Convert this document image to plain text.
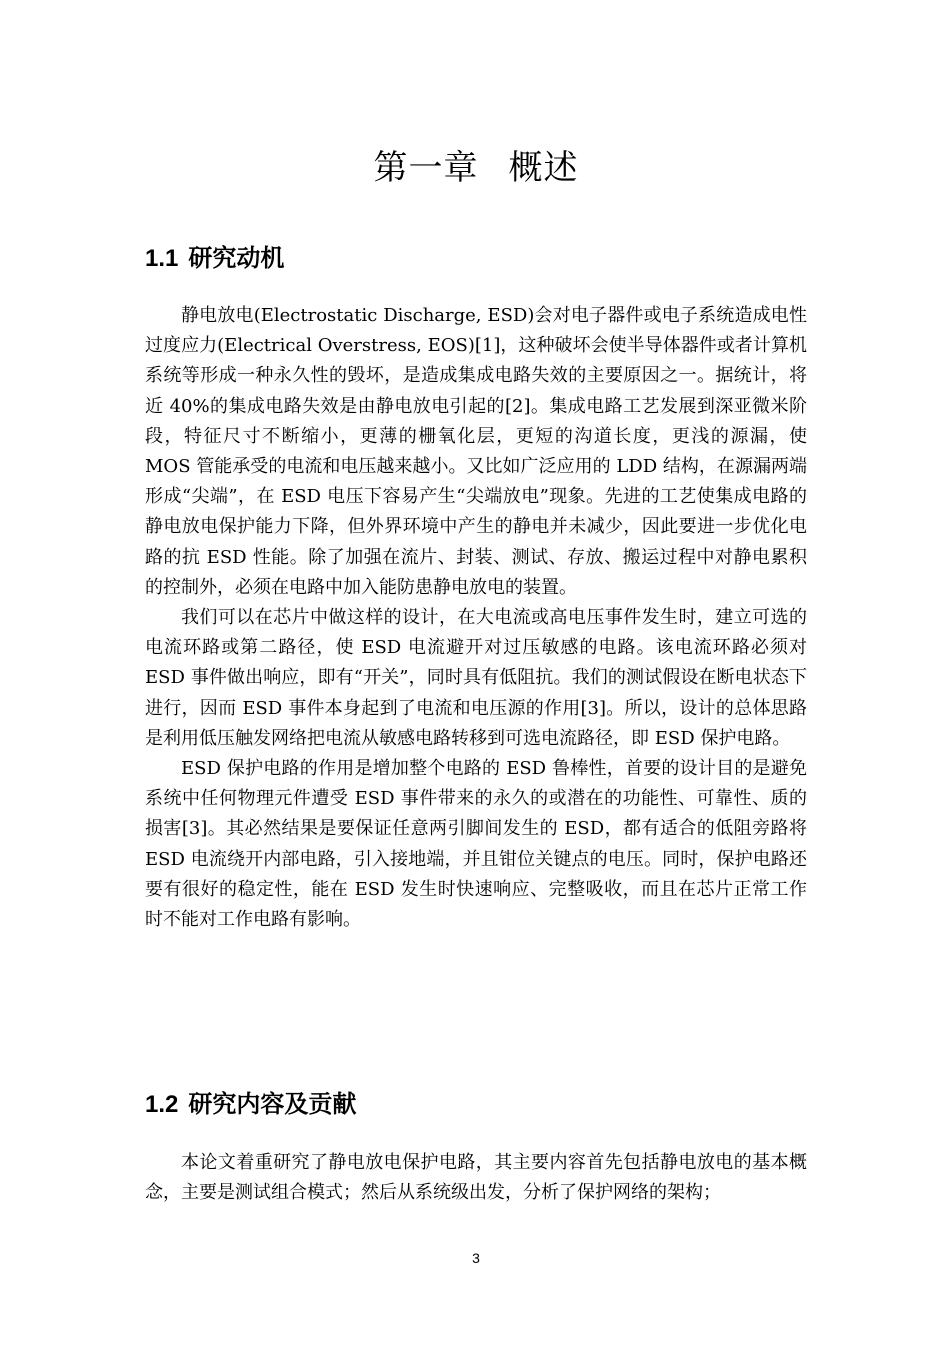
第一章 概述
1.1 研究动机

静电放电(Electrostatic Discharge, ESD)会对电子器件或电子系统造成电性过度应力(Electrical Overstress, EOS)[1]，这种破坏会使半导体器件或者计算机系统等形成一种永久性的毁坏，是造成集成电路失效的主要原因之一。据统计，将近 40%的集成电路失效是由静电放电引起的[2]。集成电路工艺发展到深亚微米阶段，特征尺寸不断缩小，更薄的栅氧化层，更短的沟道长度，更浅的源漏，使 MOS 管能承受的电流和电压越来越小。又比如广泛应用的 LDD 结构，在源漏两端形成“尖端”，在 ESD 电压下容易产生“尖端放电”现象。先进的工艺使集成电路的静电放电保护能力下降，但外界环境中产生的静电并未减少，因此要进一步优化电路的抗 ESD 性能。除了加强在流片、封装、测试、存放、搬运过程中对静电累积的控制外，必须在电路中加入能防患静电放电的装置。

我们可以在芯片中做这样的设计，在大电流或高电压事件发生时，建立可选的电流环路或第二路径，使 ESD 电流避开对过压敏感的电路。该电流环路必须对 ESD 事件做出响应，即有“开关”，同时具有低阻抗。我们的测试假设在断电状态下进行，因而 ESD 事件本身起到了电流和电压源的作用[3]。所以，设计的总体思路是利用低压触发网络把电流从敏感电路转移到可选电流路径，即 ESD 保护电路。

ESD 保护电路的作用是增加整个电路的 ESD 鲁棒性，首要的设计目的是避免系统中任何物理元件遭受 ESD 事件带来的永久的或潜在的功能性、可靠性、质的损害[3]。其必然结果是要保证任意两引脚间发生的 ESD，都有适合的低阻旁路将 ESD 电流绕开内部电路，引入接地端，并且钳位关键点的电压。同时，保护电路还要有很好的稳定性，能在 ESD 发生时快速响应、完整吸收，而且在芯片正常工作时不能对工作电路有影响。

1.2 研究内容及贡献

本论文着重研究了静电放电保护电路，其主要内容首先包括静电放电的基本概念，主要是测试组合模式；然后从系统级出发，分析了保护网络的架构；

3
